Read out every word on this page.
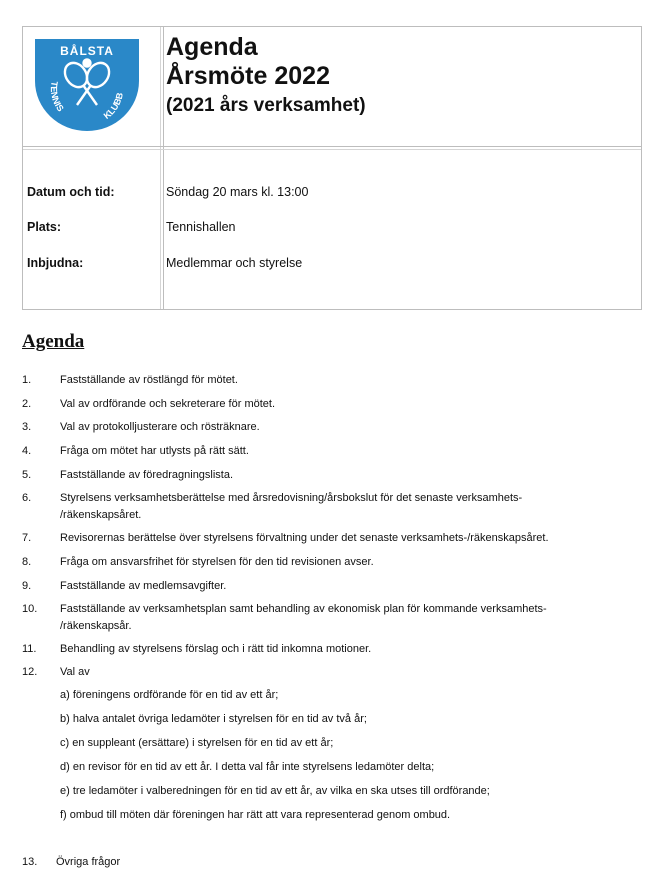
BÅLSTA
TENNIS
KLUBB
Agenda
Årsmöte 2022
(2021 års verksamhet)
Datum och tid:	Söndag 20 mars kl. 13:00
Plats:	Tennishallen
Inbjudna:	Medlemmar och styrelse
Agenda
1.	Fastställande av röstlängd för mötet.
2.	Val av ordförande och sekreterare för mötet.
3.	Val av protokolljusterare och rösträknare.
4.	Fråga om mötet har utlysts på rätt sätt.
5.	Fastställande av föredragningslista.
6.	Styrelsens verksamhetsberättelse med årsredovisning/årsbokslut för det senaste verksamhets- /räkenskapsåret.
7.	Revisorernas berättelse över styrelsens förvaltning under det senaste verksamhets-/räkenskapsåret.
8.	Fråga om ansvarsfrihet för styrelsen för den tid revisionen avser.
9.	Fastställande av medlemsavgifter.
10.	Fastställande av verksamhetsplan samt behandling av ekonomisk plan för kommande verksamhets- /räkenskapsår.
11.	Behandling av styrelsens förslag och i rätt tid inkomna motioner.
12.	Val av
a) föreningens ordförande för en tid av ett år;
b) halva antalet övriga ledamöter i styrelsen för en tid av två år;
c) en suppleant (ersättare) i styrelsen för en tid av ett år;
d) en revisor för en tid av ett år. I detta val får inte styrelsens ledamöter delta;
e) tre ledamöter i valberedningen för en tid av ett år, av vilka en ska utses till ordförande;
f) ombud till möten där föreningen har rätt att vara representerad genom ombud.
13.	Övriga frågor
